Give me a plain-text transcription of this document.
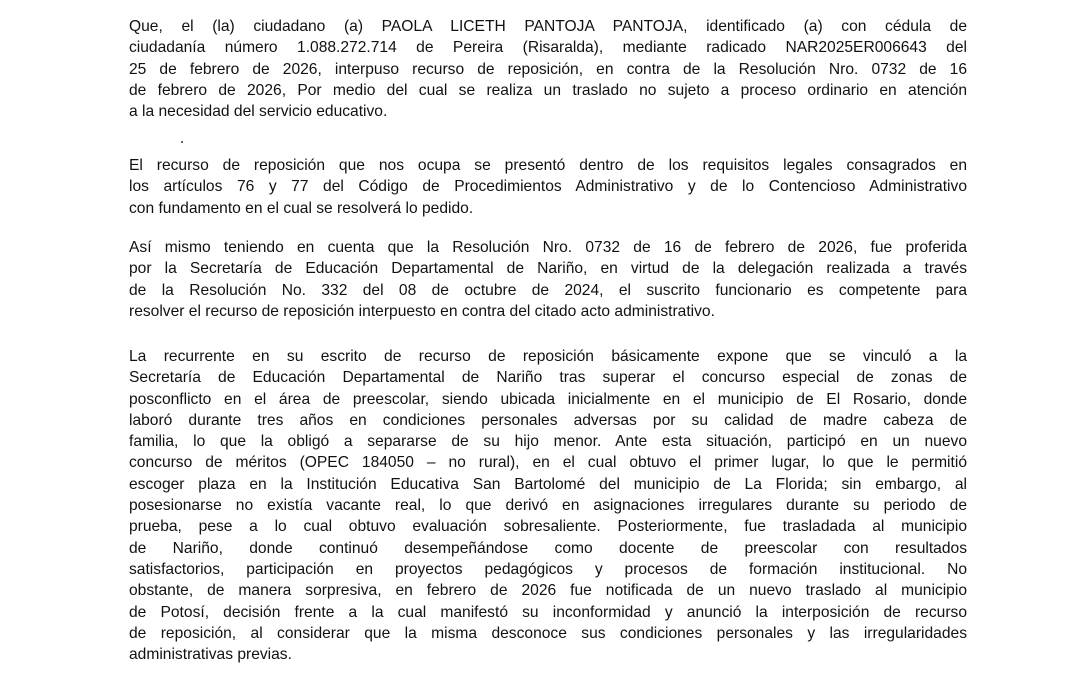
Que, el (la) ciudadano (a) PAOLA LICETH PANTOJA PANTOJA, identificado (a) con cédula de
ciudadanía número 1.088.272.714 de Pereira (Risaralda), mediante radicado NAR2025ER006643 del
25 de febrero de 2026, interpuso recurso de reposición, en contra de la Resolución Nro. 0732 de 16
de febrero de 2026, Por medio del cual se realiza un traslado no sujeto a proceso ordinario en atención
a la necesidad del servicio educativo.
El recurso de reposición que nos ocupa se presentó dentro de los requisitos legales consagrados en
los artículos 76 y 77 del Código de Procedimientos Administrativo y de lo Contencioso Administrativo
con fundamento en el cual se resolverá lo pedido.
Así mismo teniendo en cuenta que la Resolución Nro. 0732 de 16 de febrero de 2026, fue proferida
por la Secretaría de Educación Departamental de Nariño, en virtud de la delegación realizada a través
de la Resolución No. 332 del 08 de octubre de 2024, el suscrito funcionario es competente para
resolver el recurso de reposición interpuesto en contra del citado acto administrativo.
La recurrente en su escrito de recurso de reposición básicamente expone que se vinculó a la
Secretaría de Educación Departamental de Nariño tras superar el concurso especial de zonas de
posconflicto en el área de preescolar, siendo ubicada inicialmente en el municipio de El Rosario, donde
laboró durante tres años en condiciones personales adversas por su calidad de madre cabeza de
familia, lo que la obligó a separarse de su hijo menor. Ante esta situación, participó en un nuevo
concurso de méritos (OPEC 184050 – no rural), en el cual obtuvo el primer lugar, lo que le permitió
escoger plaza en la Institución Educativa San Bartolomé del municipio de La Florida; sin embargo, al
posesionarse no existía vacante real, lo que derivó en asignaciones irregulares durante su periodo de
prueba, pese a lo cual obtuvo evaluación sobresaliente. Posteriormente, fue trasladada al municipio
de Nariño, donde continuó desempeñándose como docente de preescolar con resultados
satisfactorios, participación en proyectos pedagógicos y procesos de formación institucional. No
obstante, de manera sorpresiva, en febrero de 2026 fue notificada de un nuevo traslado al municipio
de Potosí, decisión frente a la cual manifestó su inconformidad y anunció la interposición de recurso
de reposición, al considerar que la misma desconoce sus condiciones personales y las irregularidades
administrativas previas.
